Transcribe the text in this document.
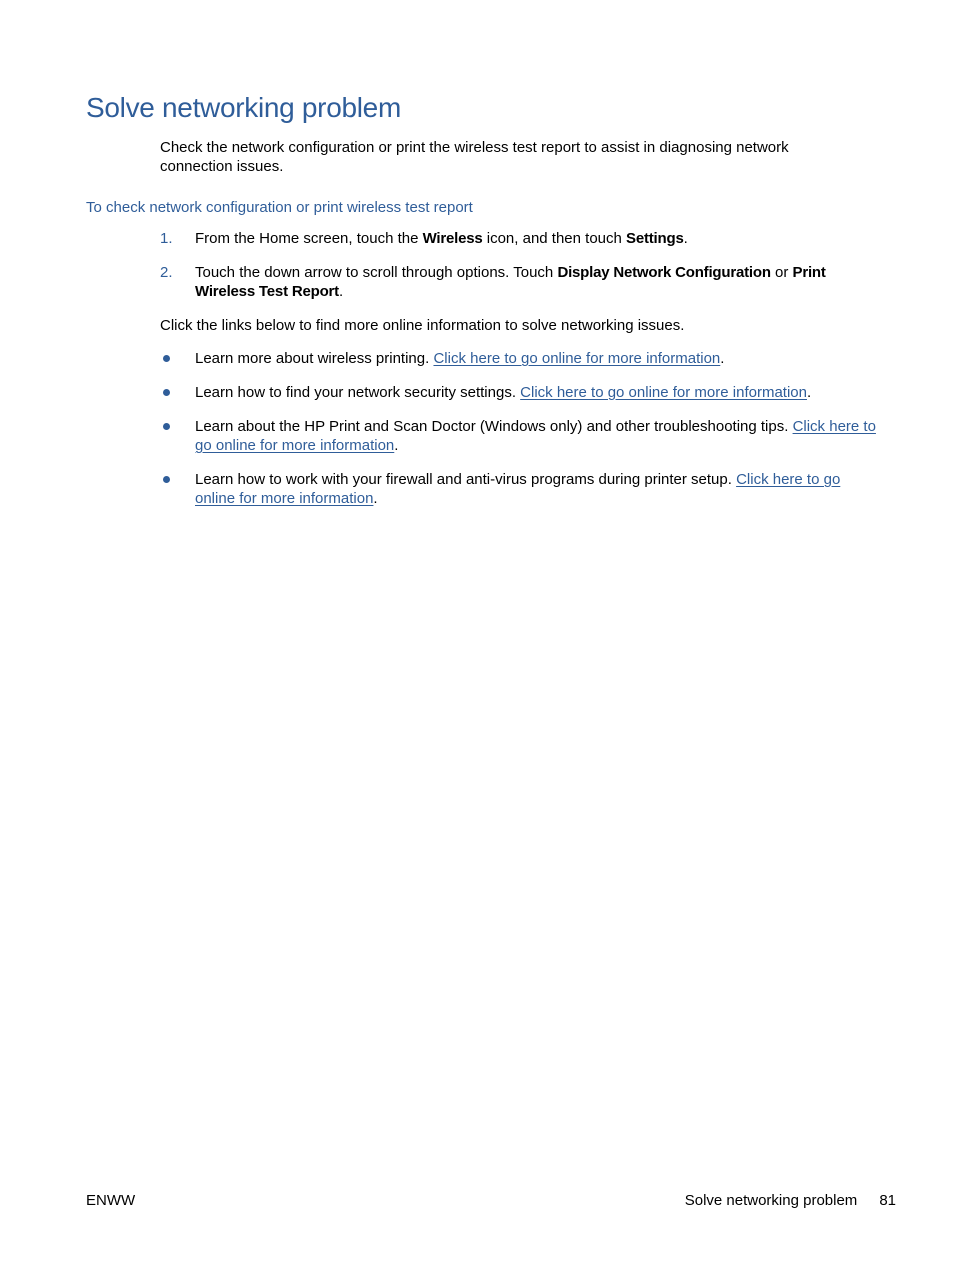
Solve networking problem

Check the network configuration or print the wireless test report to assist in diagnosing network connection issues.

To check network configuration or print wireless test report

1. From the Home screen, touch the Wireless icon, and then touch Settings.
2. Touch the down arrow to scroll through options. Touch Display Network Configuration or Print Wireless Test Report.

Click the links below to find more online information to solve networking issues.

Learn more about wireless printing. Click here to go online for more information.
Learn how to find your network security settings. Click here to go online for more information.
Learn about the HP Print and Scan Doctor (Windows only) and other troubleshooting tips. Click here to go online for more information.
Learn how to work with your firewall and anti-virus programs during printer setup. Click here to go online for more information.
ENWW	Solve networking problem 81
